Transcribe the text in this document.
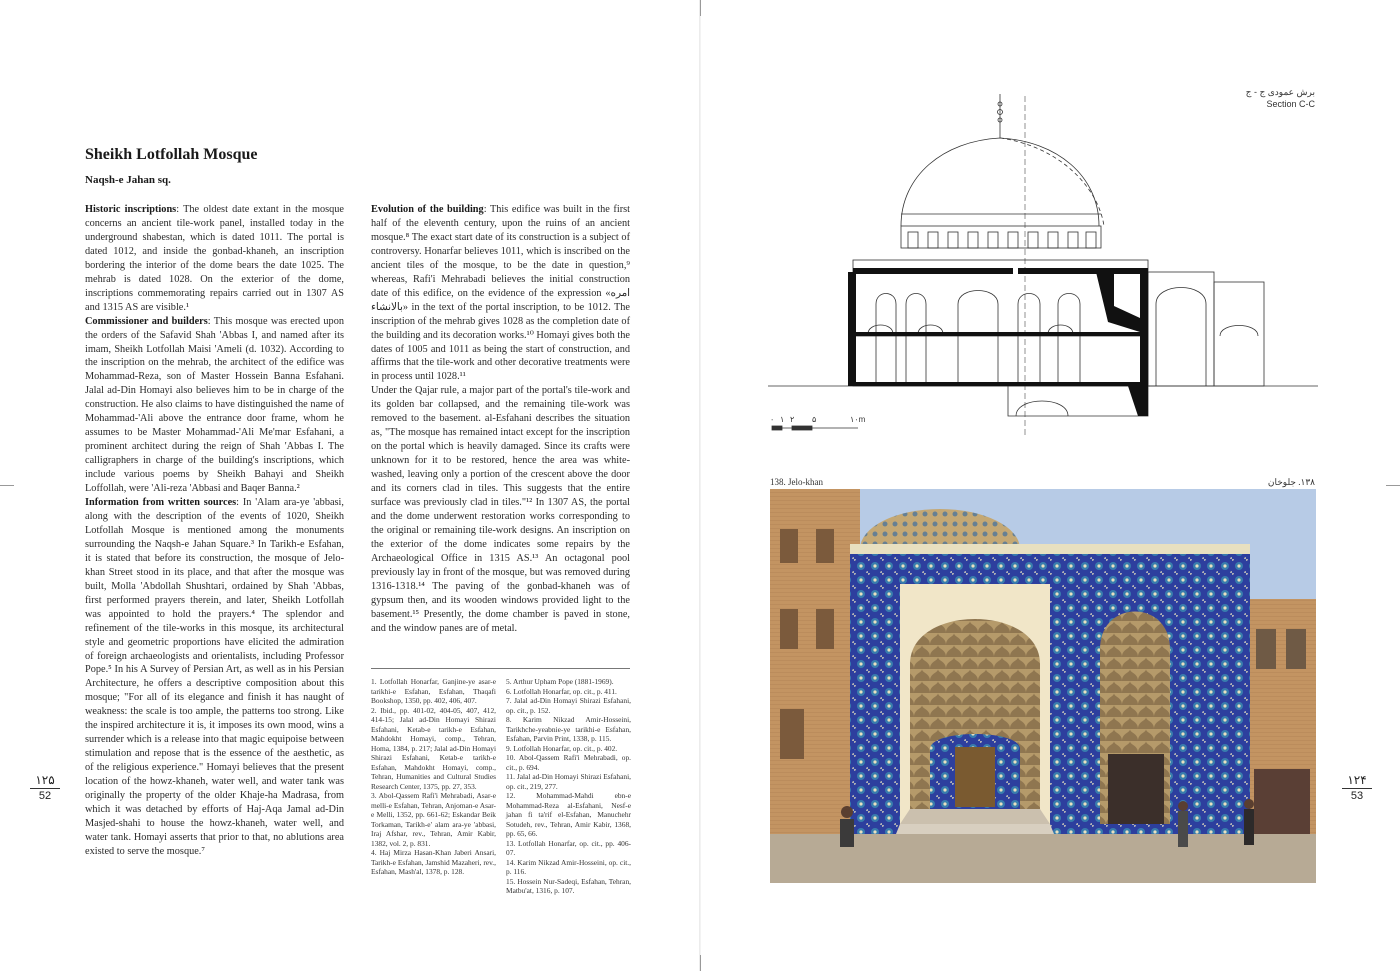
Sheikh Lotfollah Mosque
Naqsh-e Jahan sq.

Historic inscriptions: The oldest date extant in the mosque concerns an ancient tile-work panel, installed today in the underground shabestan, which is dated 1011. The portal is dated 1012, and inside the gonbad-khaneh, an inscription bordering the interior of the dome bears the date 1025. The mehrab is dated 1028. On the exterior of the dome, inscriptions commemorating repairs carried out in 1307 AS and 1315 AS are visible.¹

Commissioner and builders: This mosque was erected upon the orders of the Safavid Shah 'Abbas I, and named after its imam, Sheikh Lotfollah Maisi 'Ameli (d. 1032). According to the inscription on the mehrab, the architect of the edifice was Mohammad-Reza, son of Master Hossein Banna Esfahani. Jalal ad-Din Homayi also believes him to be in charge of the construction. He also claims to have distinguished the name of Mohammad-'Ali above the entrance door frame, whom he assumes to be Master Mohammad-'Ali Me'mar Esfahani, a prominent architect during the reign of Shah 'Abbas I. The calligraphers in charge of the building's inscriptions, which include various poems by Sheikh Bahayi and Sheikh Loffollah, were 'Ali-reza 'Abbasi and Baqer Banna.²

Information from written sources: In 'Alam ara-ye 'abbasi, along with the description of the events of 1020, Sheikh Lotfollah Mosque is mentioned among the monuments surrounding the Naqsh-e Jahan Square.³ In Tarikh-e Esfahan, it is stated that before its construction, the mosque of Jelo-khan Street stood in its place, and that after the mosque was built, Molla 'Abdollah Shushtari, ordained by Shah 'Abbas, first performed prayers therein, and later, Sheikh Lotfollah was appointed to hold the prayers.⁴ The splendor and refinement of the tile-works in this mosque, its architectural style and geometric proportions have elicited the admiration of foreign archaeologists and orientalists, including Professor Pope.⁵ In his A Survey of Persian Art, as well as in his Persian Architecture, he offers a descriptive composition about this mosque; "For all of its elegance and finish it has naught of weakness: the scale is too ample, the patterns too strong. Like the inspired architecture it is, it imposes its own mood, wins a surrender which is a release into that magic equipoise between stimulation and repose that is the essence of the aesthetic, as of the religious experience." Homayi believes that the present location of the howz-khaneh, water well, and water tank was originally the property of the older Khaje-ha Madrasa, from which it was detached by efforts of Haj-Aqa Jamal ad-Din Masjed-shahi to house the howz-khaneh, water well, and water tank. Homayi asserts that prior to that, no ablutions area existed to serve the mosque.⁷

Evolution of the building: This edifice was built in the first half of the eleventh century, upon the ruins of an ancient mosque.⁸ The exact start date of its construction is a subject of controversy. Honarfar believes 1011, which is inscribed on the ancient tiles of the mosque, to be the date in question,⁹ whereas, Rafi'i Mehrabadi believes the initial construction date of this edifice, on the evidence of the expression «امره بالانشاء» in the text of the portal inscription, to be 1012. The inscription of the mehrab gives 1028 as the completion date of the building and its decoration works.¹⁰ Homayi gives both the dates of 1005 and 1011 as being the start of construction, and affirms that the tile-work and other decorative treatments were in process until 1028.¹¹

Under the Qajar rule, a major part of the portal's tile-work and its golden bar collapsed, and the remaining tile-work was removed to the basement. al-Esfahani describes the situation as, "The mosque has remained intact except for the inscription on the portal which is heavily damaged. Since its crafts were unknown for it to be restored, hence the area was white-washed, leaving only a portion of the crescent above the door and its corners clad in tiles. This suggests that the entire surface was previously clad in tiles."¹² In 1307 AS, the portal and the dome underwent restoration works corresponding to the original or remaining tile-work designs. An inscription on the exterior of the dome indicates some repairs by the Archaeological Office in 1315 AS.¹³ An octagonal pool previously lay in front of the mosque, but was removed during 1316-1318.¹⁴ The paving of the gonbad-khaneh was of gypsum then, and its wooden windows provided light to the basement.¹⁵ Presently, the dome chamber is paved in stone, and the window panes are of metal.

1. Lotfollah Honarfar, Ganjine-ye asar-e tarikhi-e Esfahan, Esfahan, Thaqafi Bookshop, 1350, pp. 402, 406, 407.
2. Ibid., pp. 401-02, 404-05, 407, 412, 414-15; Jalal ad-Din Homayi Shirazi Esfahani, Ketab-e tarikh-e Esfahan, Mahdokht Homayi, comp., Tehran, Homa, 1384, p. 217; Jalal ad-Din Homayi Shirazi Esfahani, Ketab-e tarikh-e Esfahan, Mahdokht Homayi, comp., Tehran, Humanities and Cultural Studies Research Center, 1375, pp. 27, 353.
3. Abol-Qassem Rafi'i Mehrabadi, Asar-e melli-e Esfahan, Tehran, Anjoman-e Asar-e Melli, 1352, pp. 661-62; Eskandar Beik Torkaman, Tarikh-e' alam ara-ye 'abbasi, Iraj Afshar, rev., Tehran, Amir Kabir, 1382, vol. 2, p. 831.
4. Haj Mirza Hasan-Khan Jaberi Ansari, Tarikh-e Esfahan, Jamshid Mazaheri, rev., Esfahan, Mash'al, 1378, p. 128.
5. Arthur Upham Pope (1881-1969).
6. Lotfollah Honarfar, op. cit., p. 411.
7. Jalal ad-Din Homayi Shirazi Esfahani, op. cit., p. 152.
8. Karim Nikzad Amir-Hosseini, Tarikhche-yeabnie-ye tarikhi-e Esfahan, Esfahan, Parvin Print, 1338, p. 115.
9. Lotfollah Honarfar, op. cit., p. 402.
10. Abol-Qassem Rafi'i Mehrabadi, op. cit., p. 694.
11. Jalal ad-Din Homayi Shirazi Esfahani, op. cit., 219, 277.
12. Mohammad-Mahdi ebn-e Mohammad-Reza al-Esfahani, Nesf-e jahan fi ta'rif el-Esfahan, Manuchehr Sotudeh, rev., Tehran, Amir Kabir, 1368, pp. 65, 66.
13. Lotfollah Honarfar, op. cit., pp. 406-07.
14. Karim Nikzad Amir-Hosseini, op. cit., p. 116.
15. Hossein Nur-Sadeqi, Esfahan, Tehran, Matbu'at, 1316, p. 107.
۱۲۵
52
برش عمودی ج - ج
Section C-C
۰ ۱ ۲ ۵	۱۰m
138. Jelo-khan	۱۳۸. جلوخان
۱۲۴
53
